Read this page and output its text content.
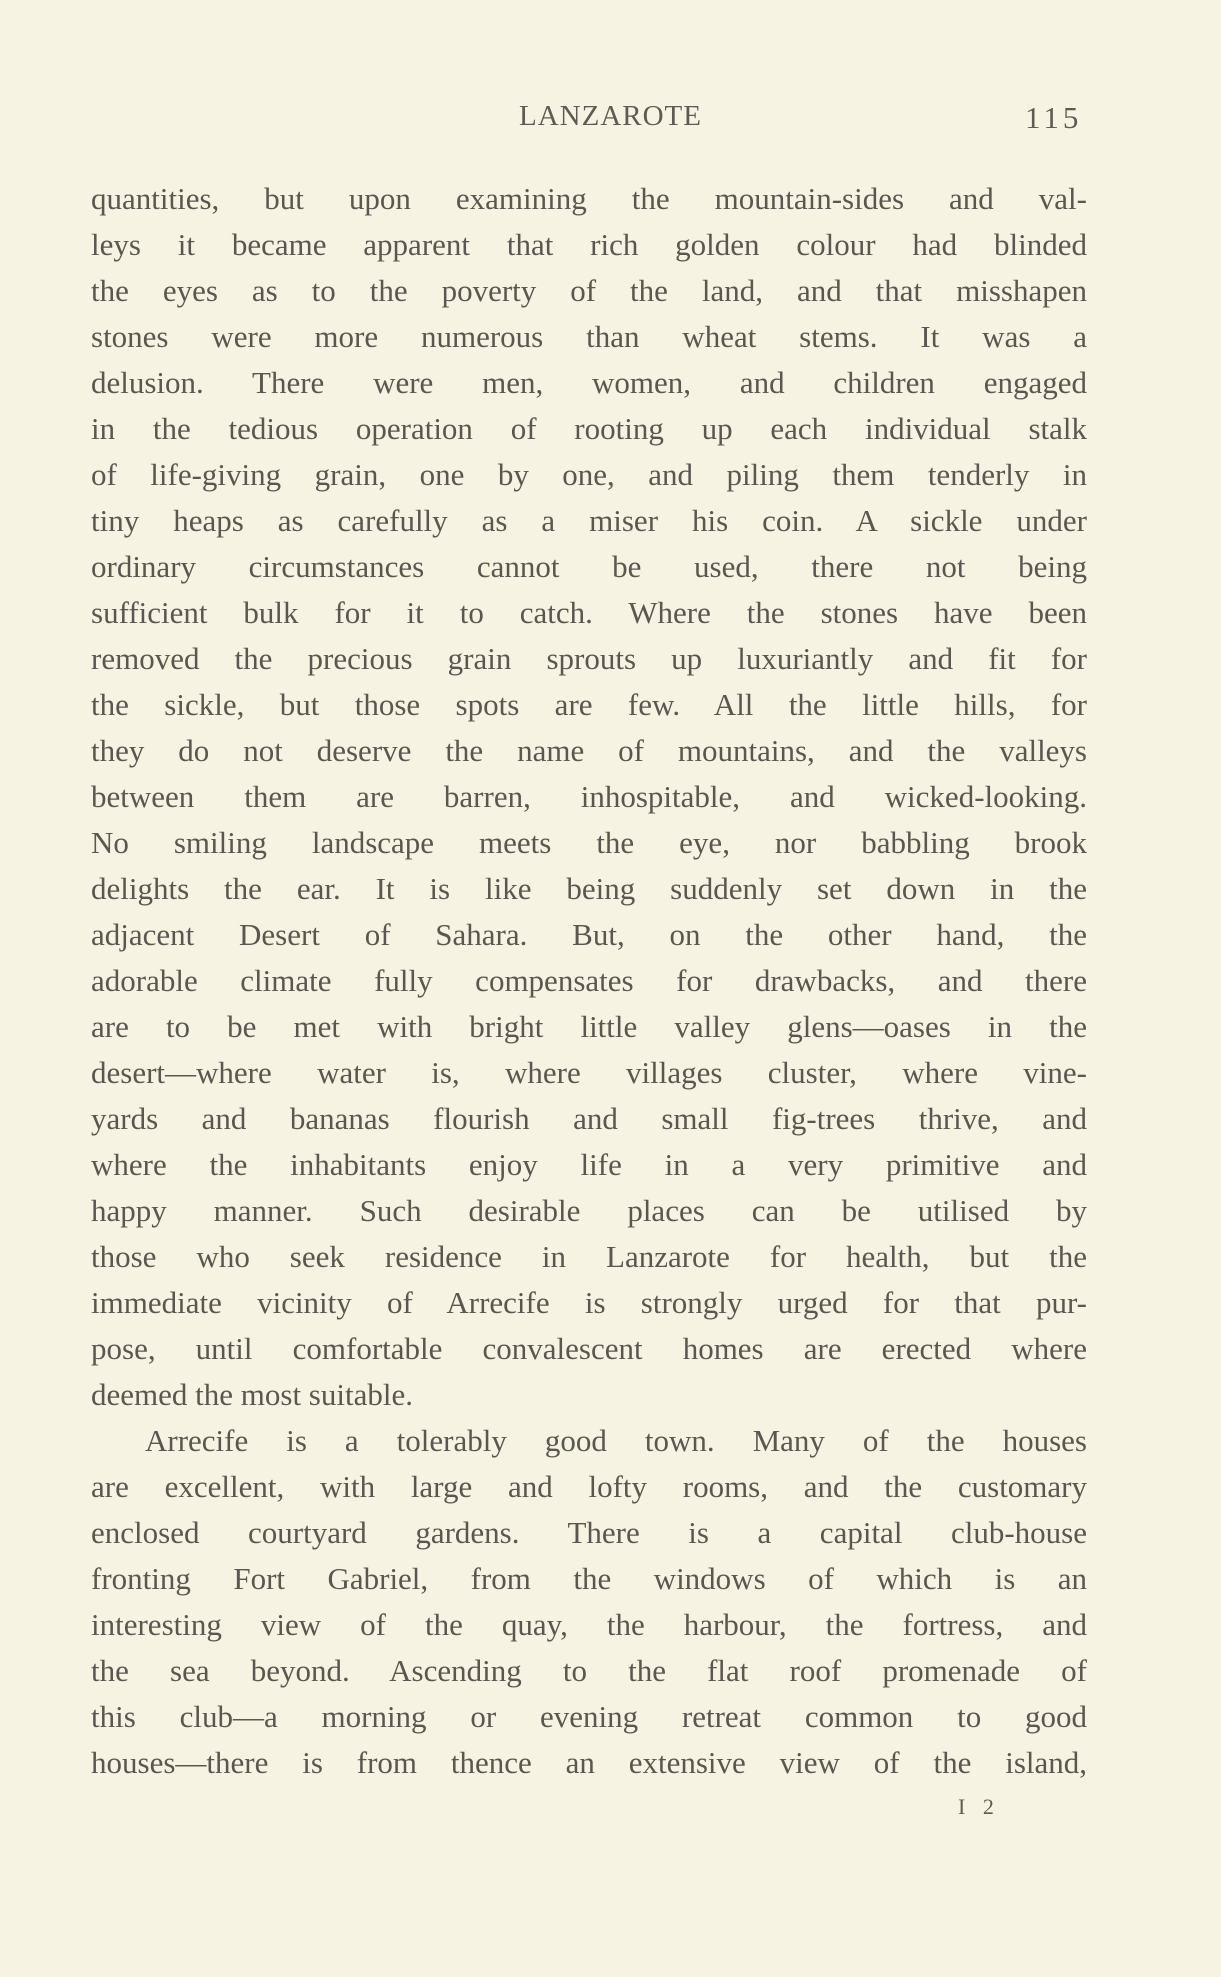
LANZAROTE	115
quantities, but upon examining the mountain-sides and val-
leys it became apparent that rich golden colour had blinded
the eyes as to the poverty of the land, and that misshapen
stones were more numerous than wheat stems. It was a
delusion. There were men, women, and children engaged
in the tedious operation of rooting up each individual stalk
of life-giving grain, one by one, and piling them tenderly in
tiny heaps as carefully as a miser his coin. A sickle under
ordinary circumstances cannot be used, there not being
sufficient bulk for it to catch. Where the stones have been
removed the precious grain sprouts up luxuriantly and fit for
the sickle, but those spots are few. All the little hills, for
they do not deserve the name of mountains, and the valleys
between them are barren, inhospitable, and wicked-looking.
No smiling landscape meets the eye, nor babbling brook
delights the ear. It is like being suddenly set down in the
adjacent Desert of Sahara. But, on the other hand, the
adorable climate fully compensates for drawbacks, and there
are to be met with bright little valley glens—oases in the
desert—where water is, where villages cluster, where vine-
yards and bananas flourish and small fig-trees thrive, and
where the inhabitants enjoy life in a very primitive and
happy manner. Such desirable places can be utilised by
those who seek residence in Lanzarote for health, but the
immediate vicinity of Arrecife is strongly urged for that pur-
pose, until comfortable convalescent homes are erected where
deemed the most suitable.
Arrecife is a tolerably good town. Many of the houses
are excellent, with large and lofty rooms, and the customary
enclosed courtyard gardens. There is a capital club-house
fronting Fort Gabriel, from the windows of which is an
interesting view of the quay, the harbour, the fortress, and
the sea beyond. Ascending to the flat roof promenade of
this club—a morning or evening retreat common to good
houses—there is from thence an extensive view of the island,
I 2
